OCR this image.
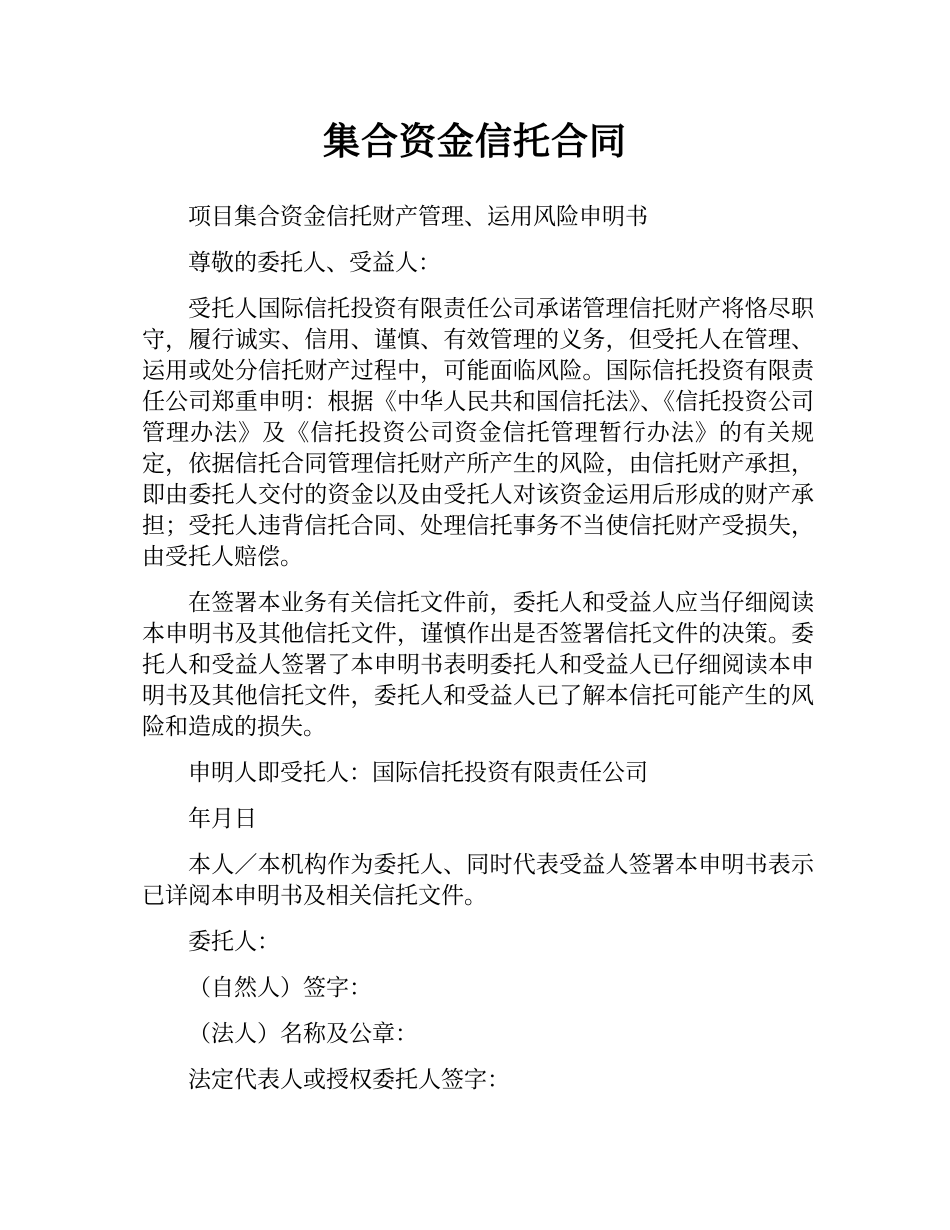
集合资金信托合同

项目集合资金信托财产管理、运用风险申明书

尊敬的委托人、受益人：

受托人国际信托投资有限责任公司承诺管理信托财产将恪尽职守，履行诚实、信用、谨慎、有效管理的义务，但受托人在管理、运用或处分信托财产过程中，可能面临风险。国际信托投资有限责任公司郑重申明：根据《中华人民共和国信托法》、《信托投资公司管理办法》及《信托投资公司资金信托管理暂行办法》的有关规定，依据信托合同管理信托财产所产生的风险，由信托财产承担，即由委托人交付的资金以及由受托人对该资金运用后形成的财产承担；受托人违背信托合同、处理信托事务不当使信托财产受损失，由受托人赔偿。

在签署本业务有关信托文件前，委托人和受益人应当仔细阅读本申明书及其他信托文件，谨慎作出是否签署信托文件的决策。委托人和受益人签署了本申明书表明委托人和受益人已仔细阅读本申明书及其他信托文件，委托人和受益人已了解本信托可能产生的风险和造成的损失。

申明人即受托人：国际信托投资有限责任公司

年月日

本人／本机构作为委托人、同时代表受益人签署本申明书表示已详阅本申明书及相关信托文件。

委托人：

（自然人）签字：

（法人）名称及公章：

法定代表人或授权委托人签字：
